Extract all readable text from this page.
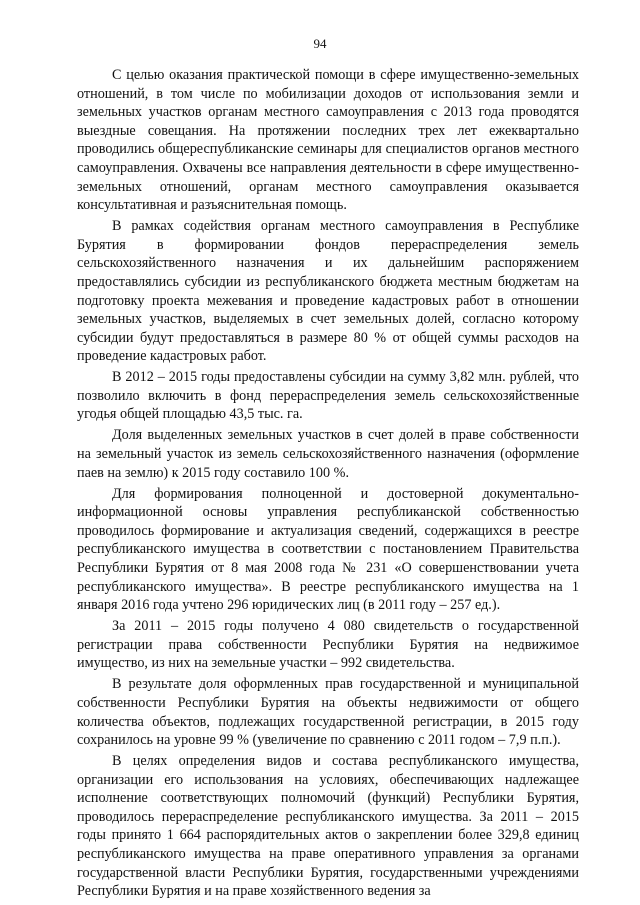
94

С целью оказания практической помощи в сфере имущественно-земельных отношений, в том числе по мобилизации доходов от использования земли и земельных участков органам местного самоуправления с 2013 года проводятся выездные совещания. На протяжении последних трех лет ежеквартально проводились общереспубликанские семинары для специалистов органов местного самоуправления. Охвачены все направления деятельности в сфере имущественно-земельных отношений, органам местного самоуправления оказывается консультативная и разъяснительная помощь.

В рамках содействия органам местного самоуправления в Республике Бурятия в формировании фондов перераспределения земель сельскохозяйственного назначения и их дальнейшим распоряжением предоставлялись субсидии из республиканского бюджета местным бюджетам на подготовку проекта межевания и проведение кадастровых работ в отношении земельных участков, выделяемых в счет земельных долей, согласно которому субсидии будут предоставляться в размере 80 % от общей суммы расходов на проведение кадастровых работ.

В 2012 – 2015 годы предоставлены субсидии на сумму 3,82 млн. рублей, что позволило включить в фонд перераспределения земель сельскохозяйственные угодья общей площадью 43,5 тыс. га.

Доля выделенных земельных участков в счет долей в праве собственности на земельный участок из земель сельскохозяйственного назначения (оформление паев на землю) к 2015 году составило 100 %.

Для формирования полноценной и достоверной документально-информационной основы управления республиканской собственностью проводилось формирование и актуализация сведений, содержащихся в реестре республиканского имущества в соответствии с постановлением Правительства Республики Бурятия от 8 мая 2008 года № 231 «О совершенствовании учета республиканского имущества». В реестре республиканского имущества на 1 января 2016 года учтено 296 юридических лиц (в 2011 году – 257 ед.).

За 2011 – 2015 годы получено 4 080 свидетельств о государственной регистрации права собственности Республики Бурятия на недвижимое имущество, из них на земельные участки – 992 свидетельства.

В результате доля оформленных прав государственной и муниципальной собственности Республики Бурятия на объекты недвижимости от общего количества объектов, подлежащих государственной регистрации, в 2015 году сохранилось на уровне 99 % (увеличение по сравнению с 2011 годом – 7,9 п.п.).

В целях определения видов и состава республиканского имущества, организации его использования на условиях, обеспечивающих надлежащее исполнение соответствующих полномочий (функций) Республики Бурятия, проводилось перераспределение республиканского имущества. За 2011 – 2015 годы принято 1 664 распорядительных актов о закреплении более 329,8 единиц республиканского имущества на праве оперативного управления за органами государственной власти Республики Бурятия, государственными учреждениями Республики Бурятия и на праве хозяйственного ведения за
